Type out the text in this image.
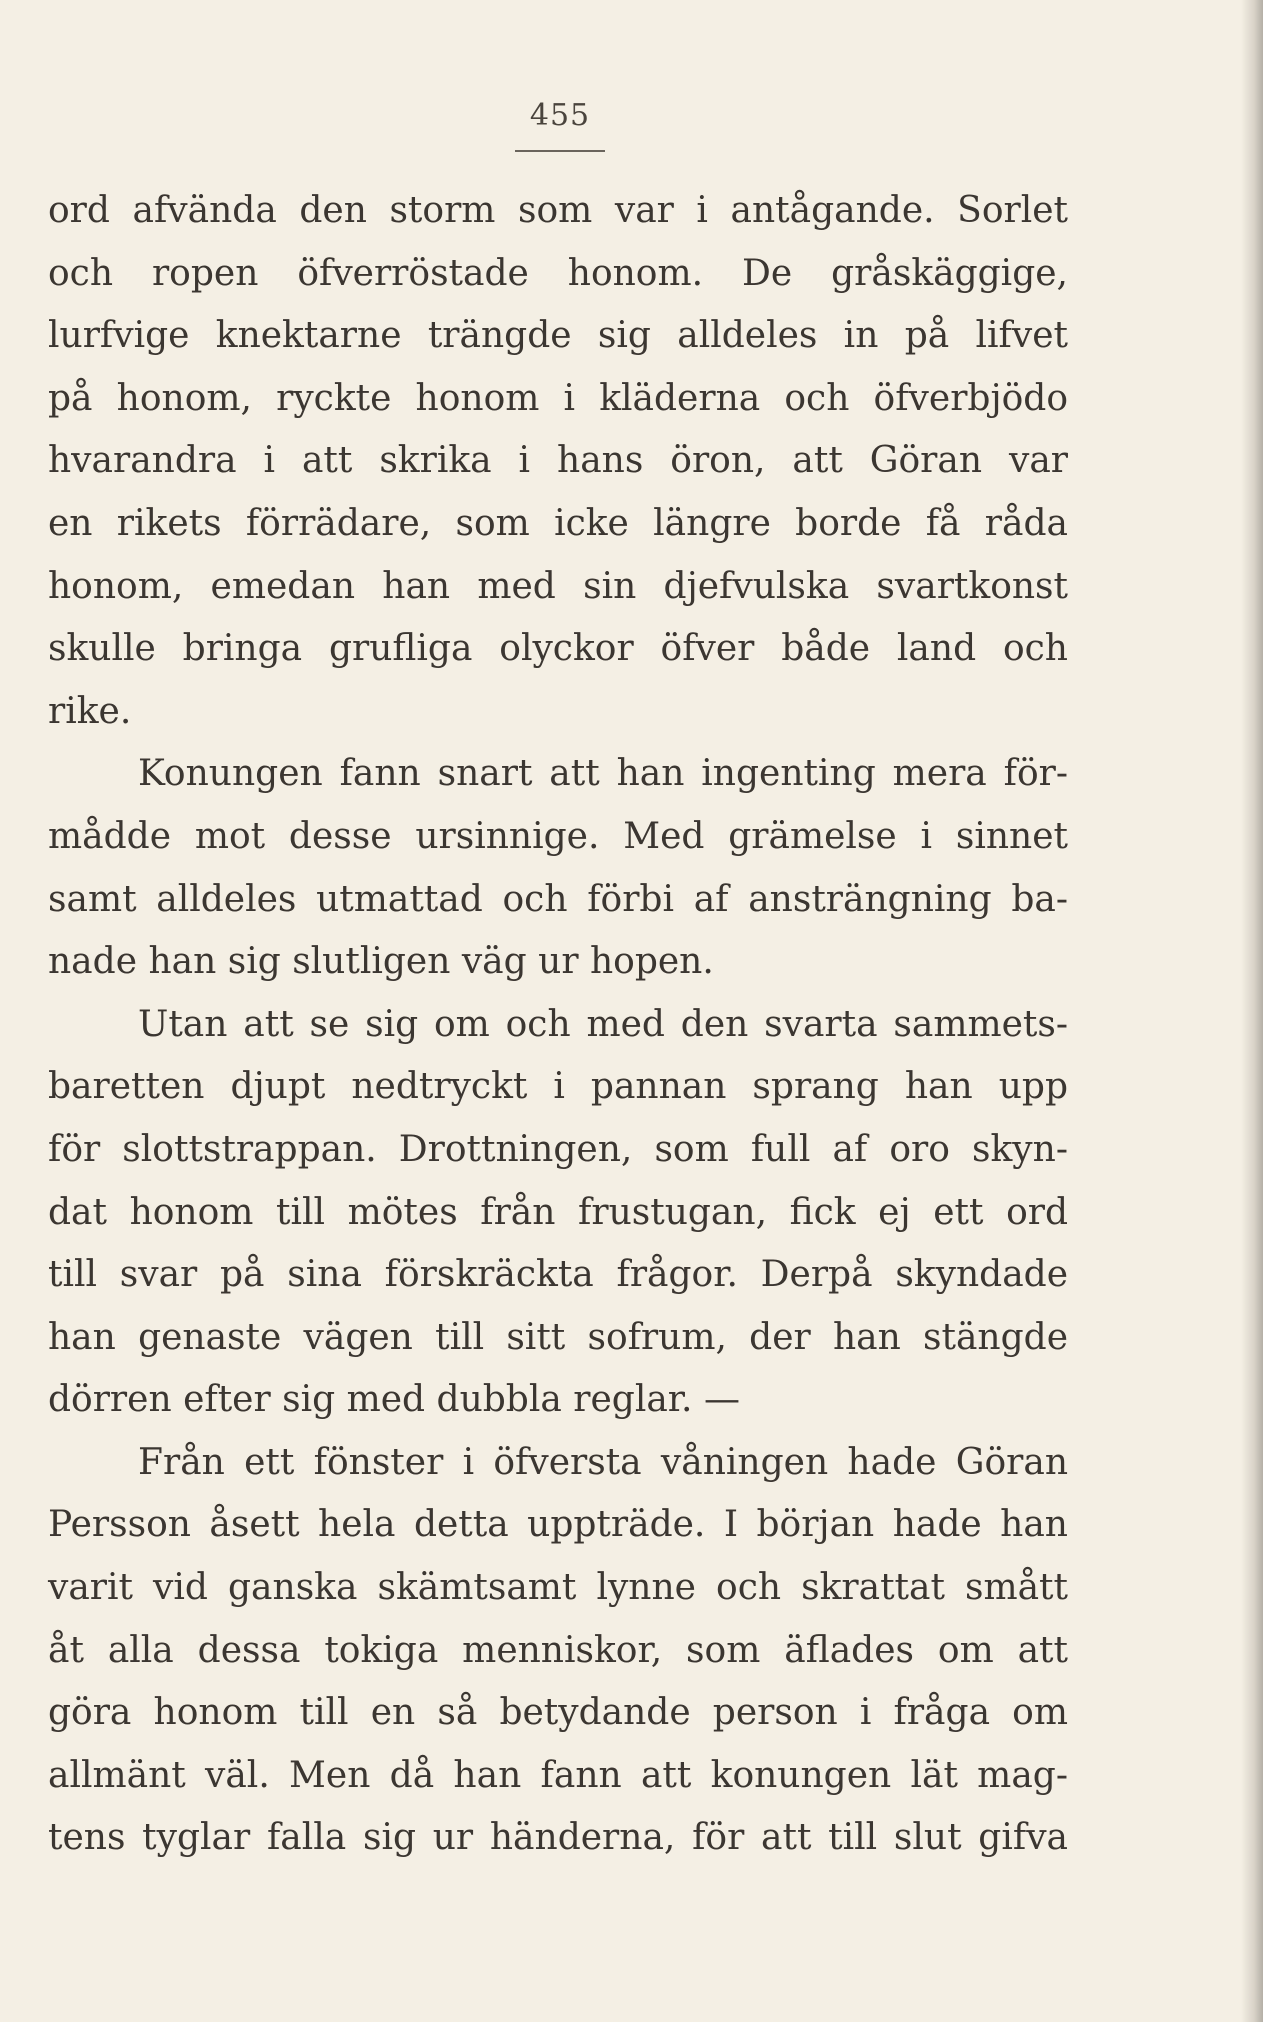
455
ord afvända den storm som var i antågande. Sorlet
och ropen öfverröstade honom. De gråskäggige,
lurfvige knektarne trängde sig alldeles in på lifvet
på honom, ryckte honom i kläderna och öfverbjödo
hvarandra i att skrika i hans öron, att Göran var
en rikets förrädare, som icke längre borde få råda
honom, emedan han med sin djefvulska svartkonst
skulle bringa grufliga olyckor öfver både land och
rike.
Konungen fann snart att han ingenting mera för-
mådde mot desse ursinnige. Med grämelse i sinnet
samt alldeles utmattad och förbi af ansträngning ba-
nade han sig slutligen väg ur hopen.
Utan att se sig om och med den svarta sammets-
baretten djupt nedtryckt i pannan sprang han upp
för slottstrappan. Drottningen, som full af oro skyn-
dat honom till mötes från frustugan, fick ej ett ord
till svar på sina förskräckta frågor. Derpå skyndade
han genaste vägen till sitt sofrum, der han stängde
dörren efter sig med dubbla reglar. —
Från ett fönster i öfversta våningen hade Göran
Persson åsett hela detta uppträde. I början hade han
varit vid ganska skämtsamt lynne och skrattat smått
åt alla dessa tokiga menniskor, som äflades om att
göra honom till en så betydande person i fråga om
allmänt väl. Men då han fann att konungen lät mag-
tens tyglar falla sig ur händerna, för att till slut gifva
